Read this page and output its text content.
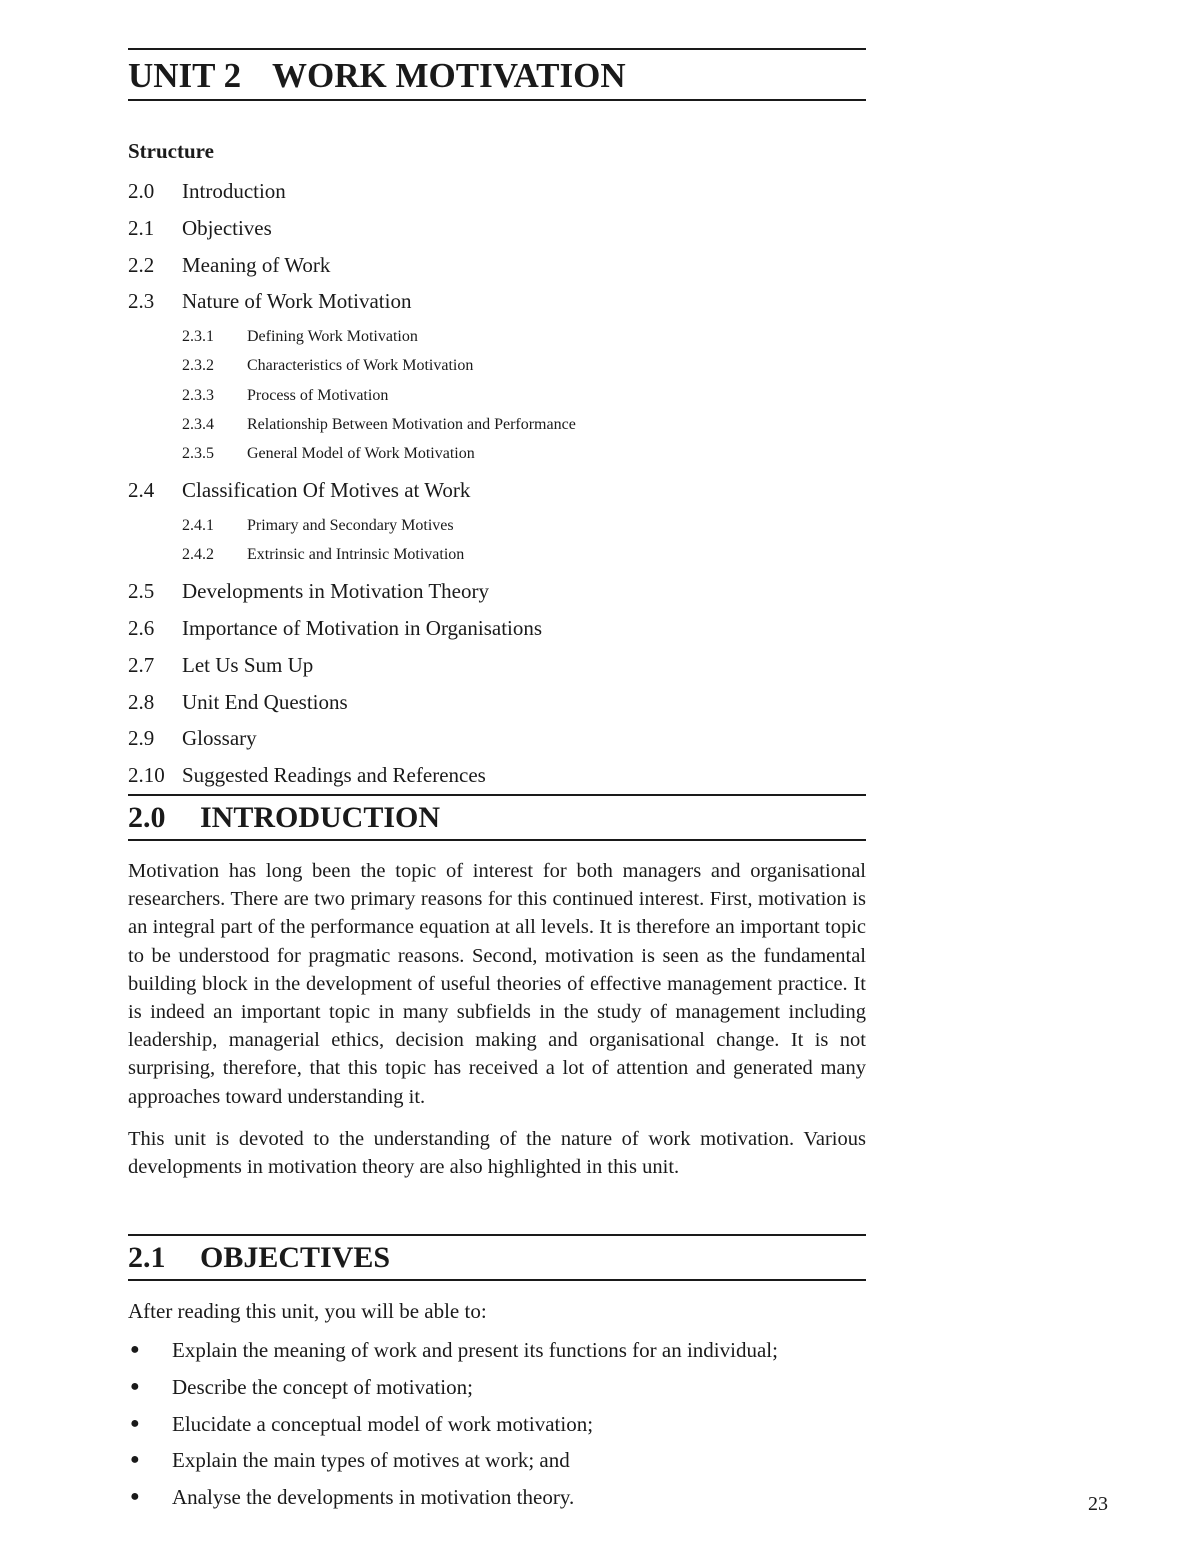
UNIT 2 WORK MOTIVATION
Structure
2.0	Introduction
2.1	Objectives
2.2	Meaning of Work
2.3	Nature of Work Motivation
2.3.1	Defining Work Motivation
2.3.2	Characteristics of Work Motivation
2.3.3	Process of Motivation
2.3.4	Relationship Between Motivation and Performance
2.3.5	General Model of Work Motivation
2.4	Classification Of Motives at Work
2.4.1	Primary and Secondary Motives
2.4.2	Extrinsic and Intrinsic Motivation
2.5	Developments in Motivation Theory
2.6	Importance of Motivation in Organisations
2.7	Let Us Sum Up
2.8	Unit End Questions
2.9	Glossary
2.10 Suggested Readings and References
2.0 INTRODUCTION

Motivation has long been the topic of interest for both managers and organisational researchers. There are two primary reasons for this continued interest. First, motivation is an integral part of the performance equation at all levels. It is therefore an important topic to be understood for pragmatic reasons. Second, motivation is seen as the fundamental building block in the development of useful theories of effective management practice. It is indeed an important topic in many subfields in the study of management including leadership, managerial ethics, decision making and organisational change. It is not surprising, therefore, that this topic has received a lot of attention and generated many approaches toward understanding it.

This unit is devoted to the understanding of the nature of work motivation. Various developments in motivation theory are also highlighted in this unit.

2.1 OBJECTIVES
After reading this unit, you will be able to:
●	Explain the meaning of work and present its functions for an individual;
●	Describe the concept of motivation;
●	Elucidate a conceptual model of work motivation;
●	Explain the main types of motives at work; and
●	Analyse the developments in motivation theory.	23
